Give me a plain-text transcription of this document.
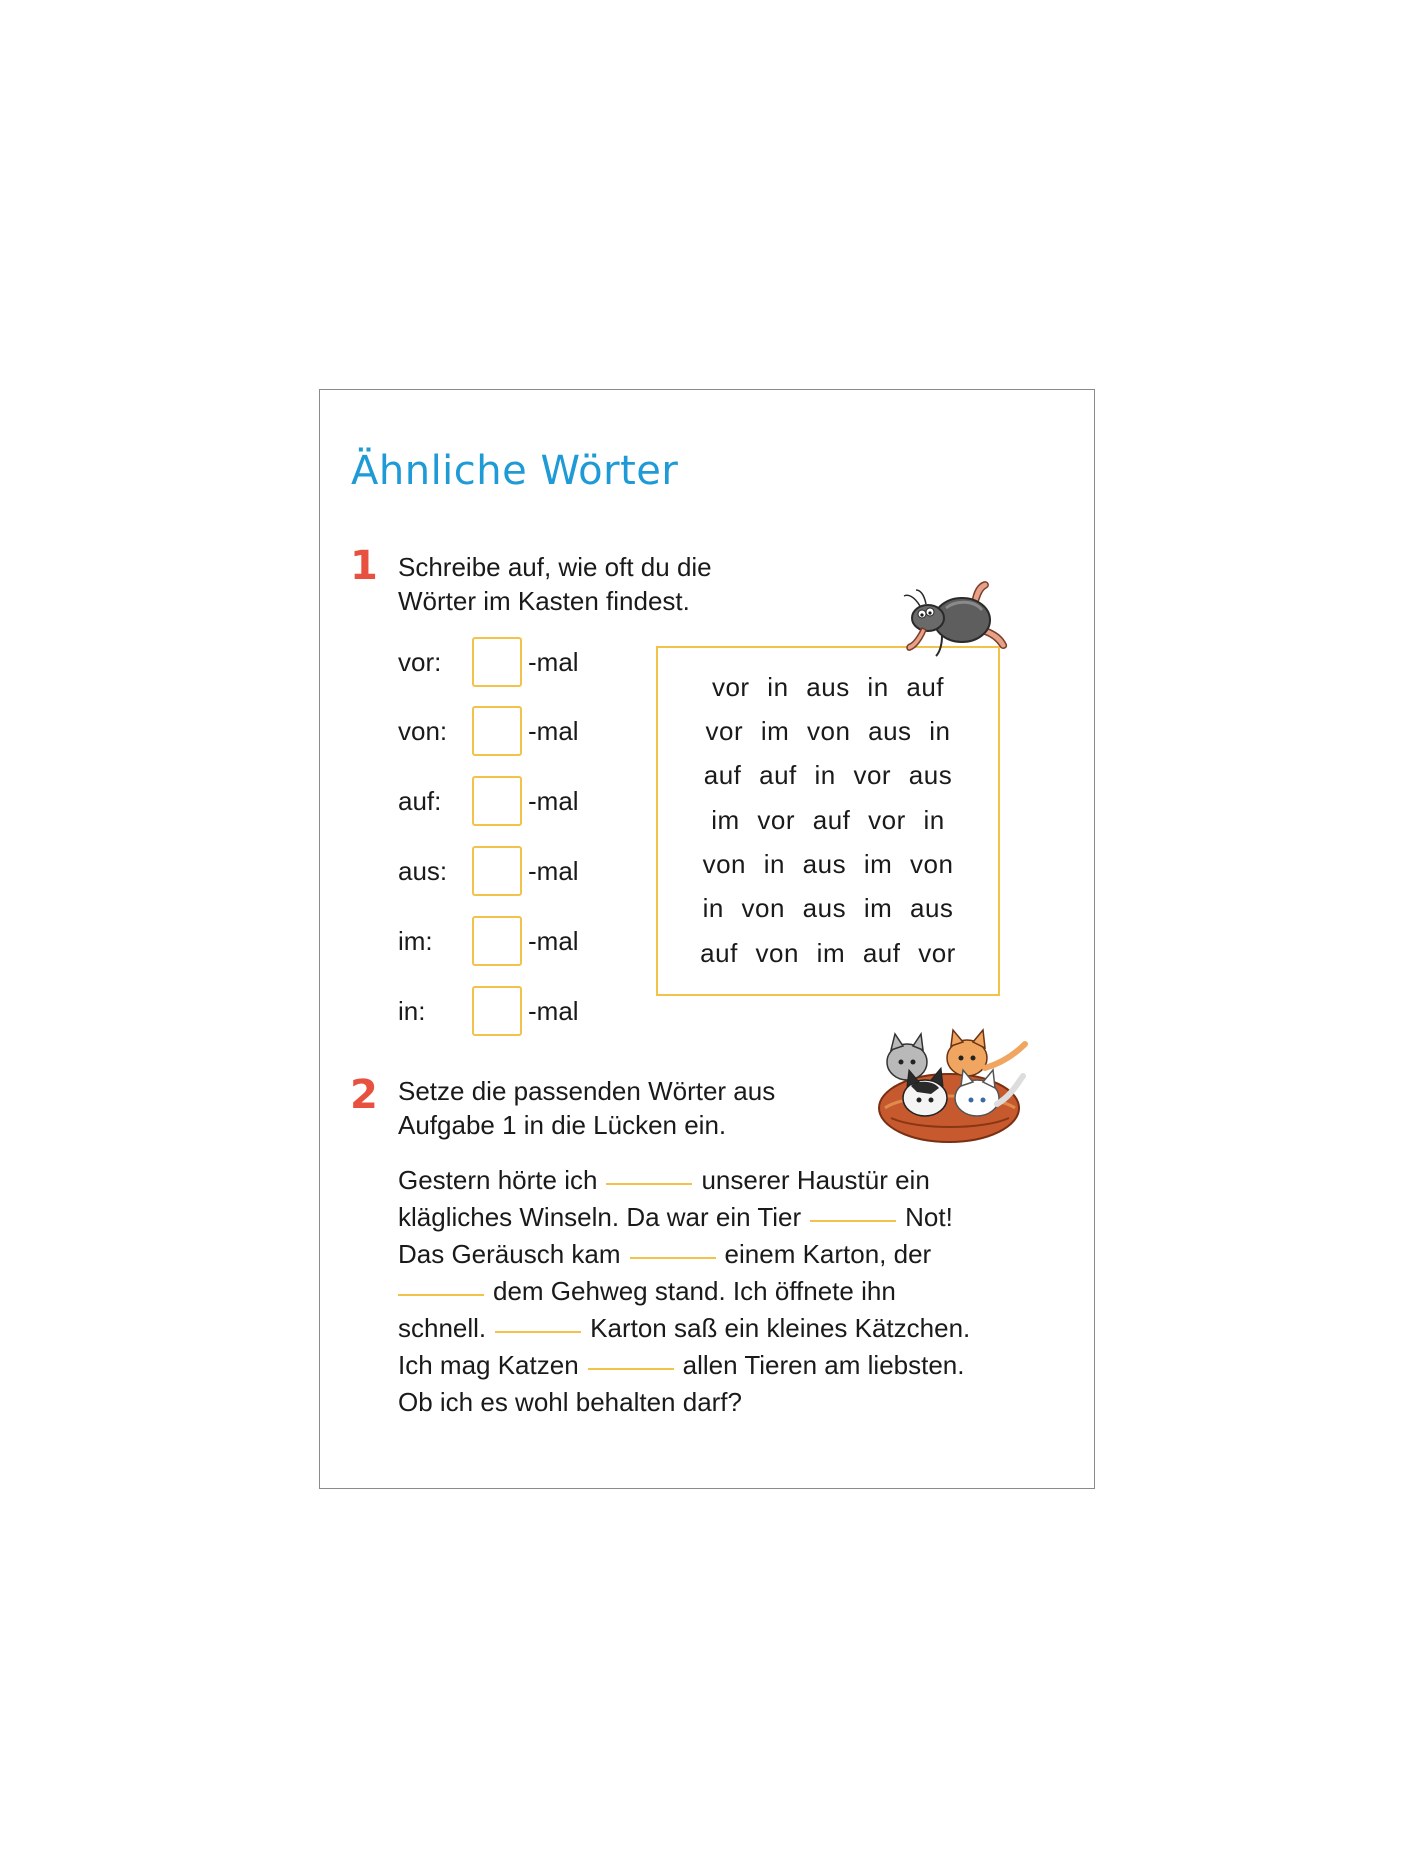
Ähnliche Wörter
1 Schreibe auf, wie oft du die
Wörter im Kasten findest.

vor:	-mal
von:	-mal
auf:	-mal
aus:	-mal
im:	-mal
in:	-mal
vor in aus in auf
vor im von aus in
auf auf in vor aus
im vor auf vor in
von in aus im von
in von aus im aus
auf von im auf vor
2 Setze die passenden Wörter aus
Aufgabe 1 in die Lücken ein.

Gestern hörte ich	unserer Haustür ein
klägliches Winseln. Da war ein Tier	Not!
Das Geräusch kam	einem Karton, der
dem Gehweg stand. Ich öffnete ihn
schnell.	Karton saß ein kleines Kätzchen.
Ich mag Katzen	allen Tieren am liebsten.
Ob ich es wohl behalten darf?
